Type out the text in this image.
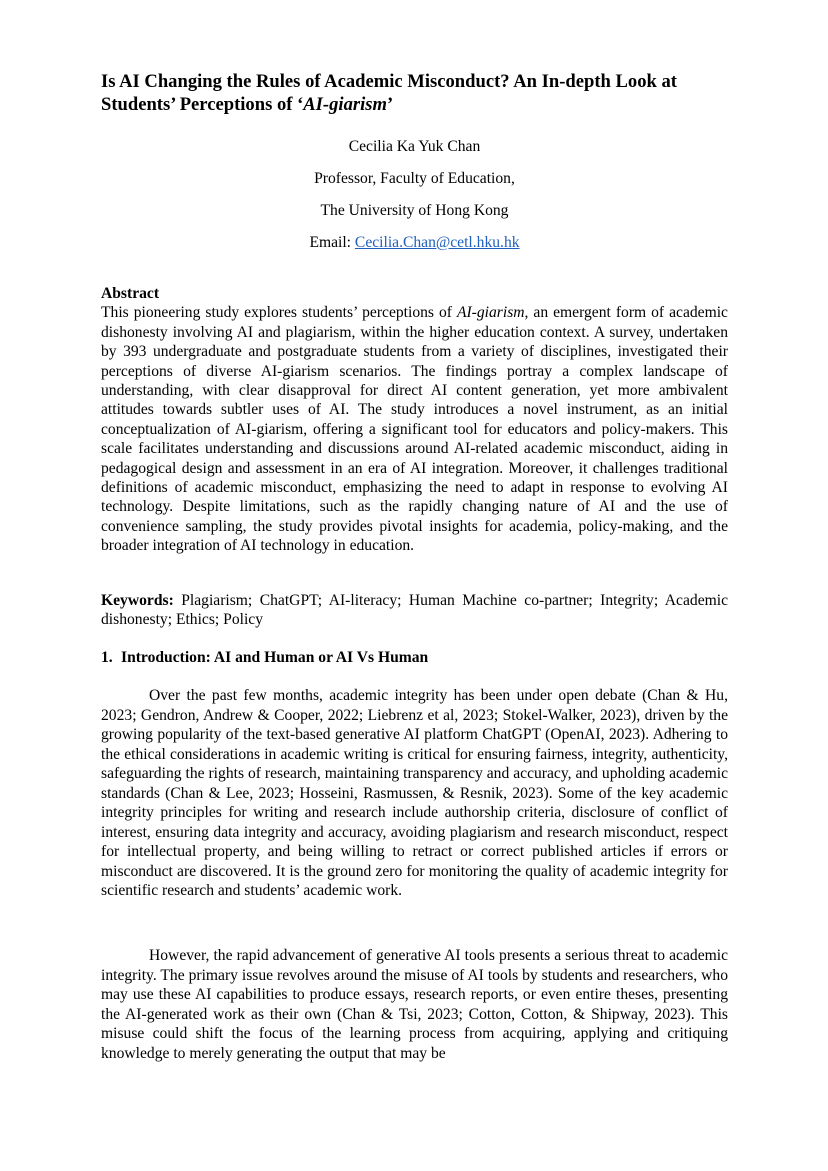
Is AI Changing the Rules of Academic Misconduct? An In-depth Look at Students’ Perceptions of ‘AI-giarism’
Cecilia Ka Yuk Chan
Professor, Faculty of Education,
The University of Hong Kong
Email: Cecilia.Chan@cetl.hku.hk
Abstract
This pioneering study explores students’ perceptions of AI-giarism, an emergent form of academic dishonesty involving AI and plagiarism, within the higher education context. A survey, undertaken by 393 undergraduate and postgraduate students from a variety of disciplines, investigated their perceptions of diverse AI-giarism scenarios. The findings portray a complex landscape of understanding, with clear disapproval for direct AI content generation, yet more ambivalent attitudes towards subtler uses of AI. The study introduces a novel instrument, as an initial conceptualization of AI-giarism, offering a significant tool for educators and policy-makers. This scale facilitates understanding and discussions around AI-related academic misconduct, aiding in pedagogical design and assessment in an era of AI integration. Moreover, it challenges traditional definitions of academic misconduct, emphasizing the need to adapt in response to evolving AI technology. Despite limitations, such as the rapidly changing nature of AI and the use of convenience sampling, the study provides pivotal insights for academia, policy-making, and the broader integration of AI technology in education.
Keywords: Plagiarism; ChatGPT; AI-literacy; Human Machine co-partner; Integrity; Academic dishonesty; Ethics; Policy
1. Introduction: AI and Human or AI Vs Human

Over the past few months, academic integrity has been under open debate (Chan & Hu, 2023; Gendron, Andrew & Cooper, 2022; Liebrenz et al, 2023; Stokel-Walker, 2023), driven by the growing popularity of the text-based generative AI platform ChatGPT (OpenAI, 2023). Adhering to the ethical considerations in academic writing is critical for ensuring fairness, integrity, authenticity, safeguarding the rights of research, maintaining transparency and accuracy, and upholding academic standards (Chan & Lee, 2023; Hosseini, Rasmussen, & Resnik, 2023). Some of the key academic integrity principles for writing and research include authorship criteria, disclosure of conflict of interest, ensuring data integrity and accuracy, avoiding plagiarism and research misconduct, respect for intellectual property, and being willing to retract or correct published articles if errors or misconduct are discovered. It is the ground zero for monitoring the quality of academic integrity for scientific research and students’ academic work.

However, the rapid advancement of generative AI tools presents a serious threat to academic integrity. The primary issue revolves around the misuse of AI tools by students and researchers, who may use these AI capabilities to produce essays, research reports, or even entire theses, presenting the AI-generated work as their own (Chan & Tsi, 2023; Cotton, Cotton, & Shipway, 2023). This misuse could shift the focus of the learning process from acquiring, applying and critiquing knowledge to merely generating the output that may be
